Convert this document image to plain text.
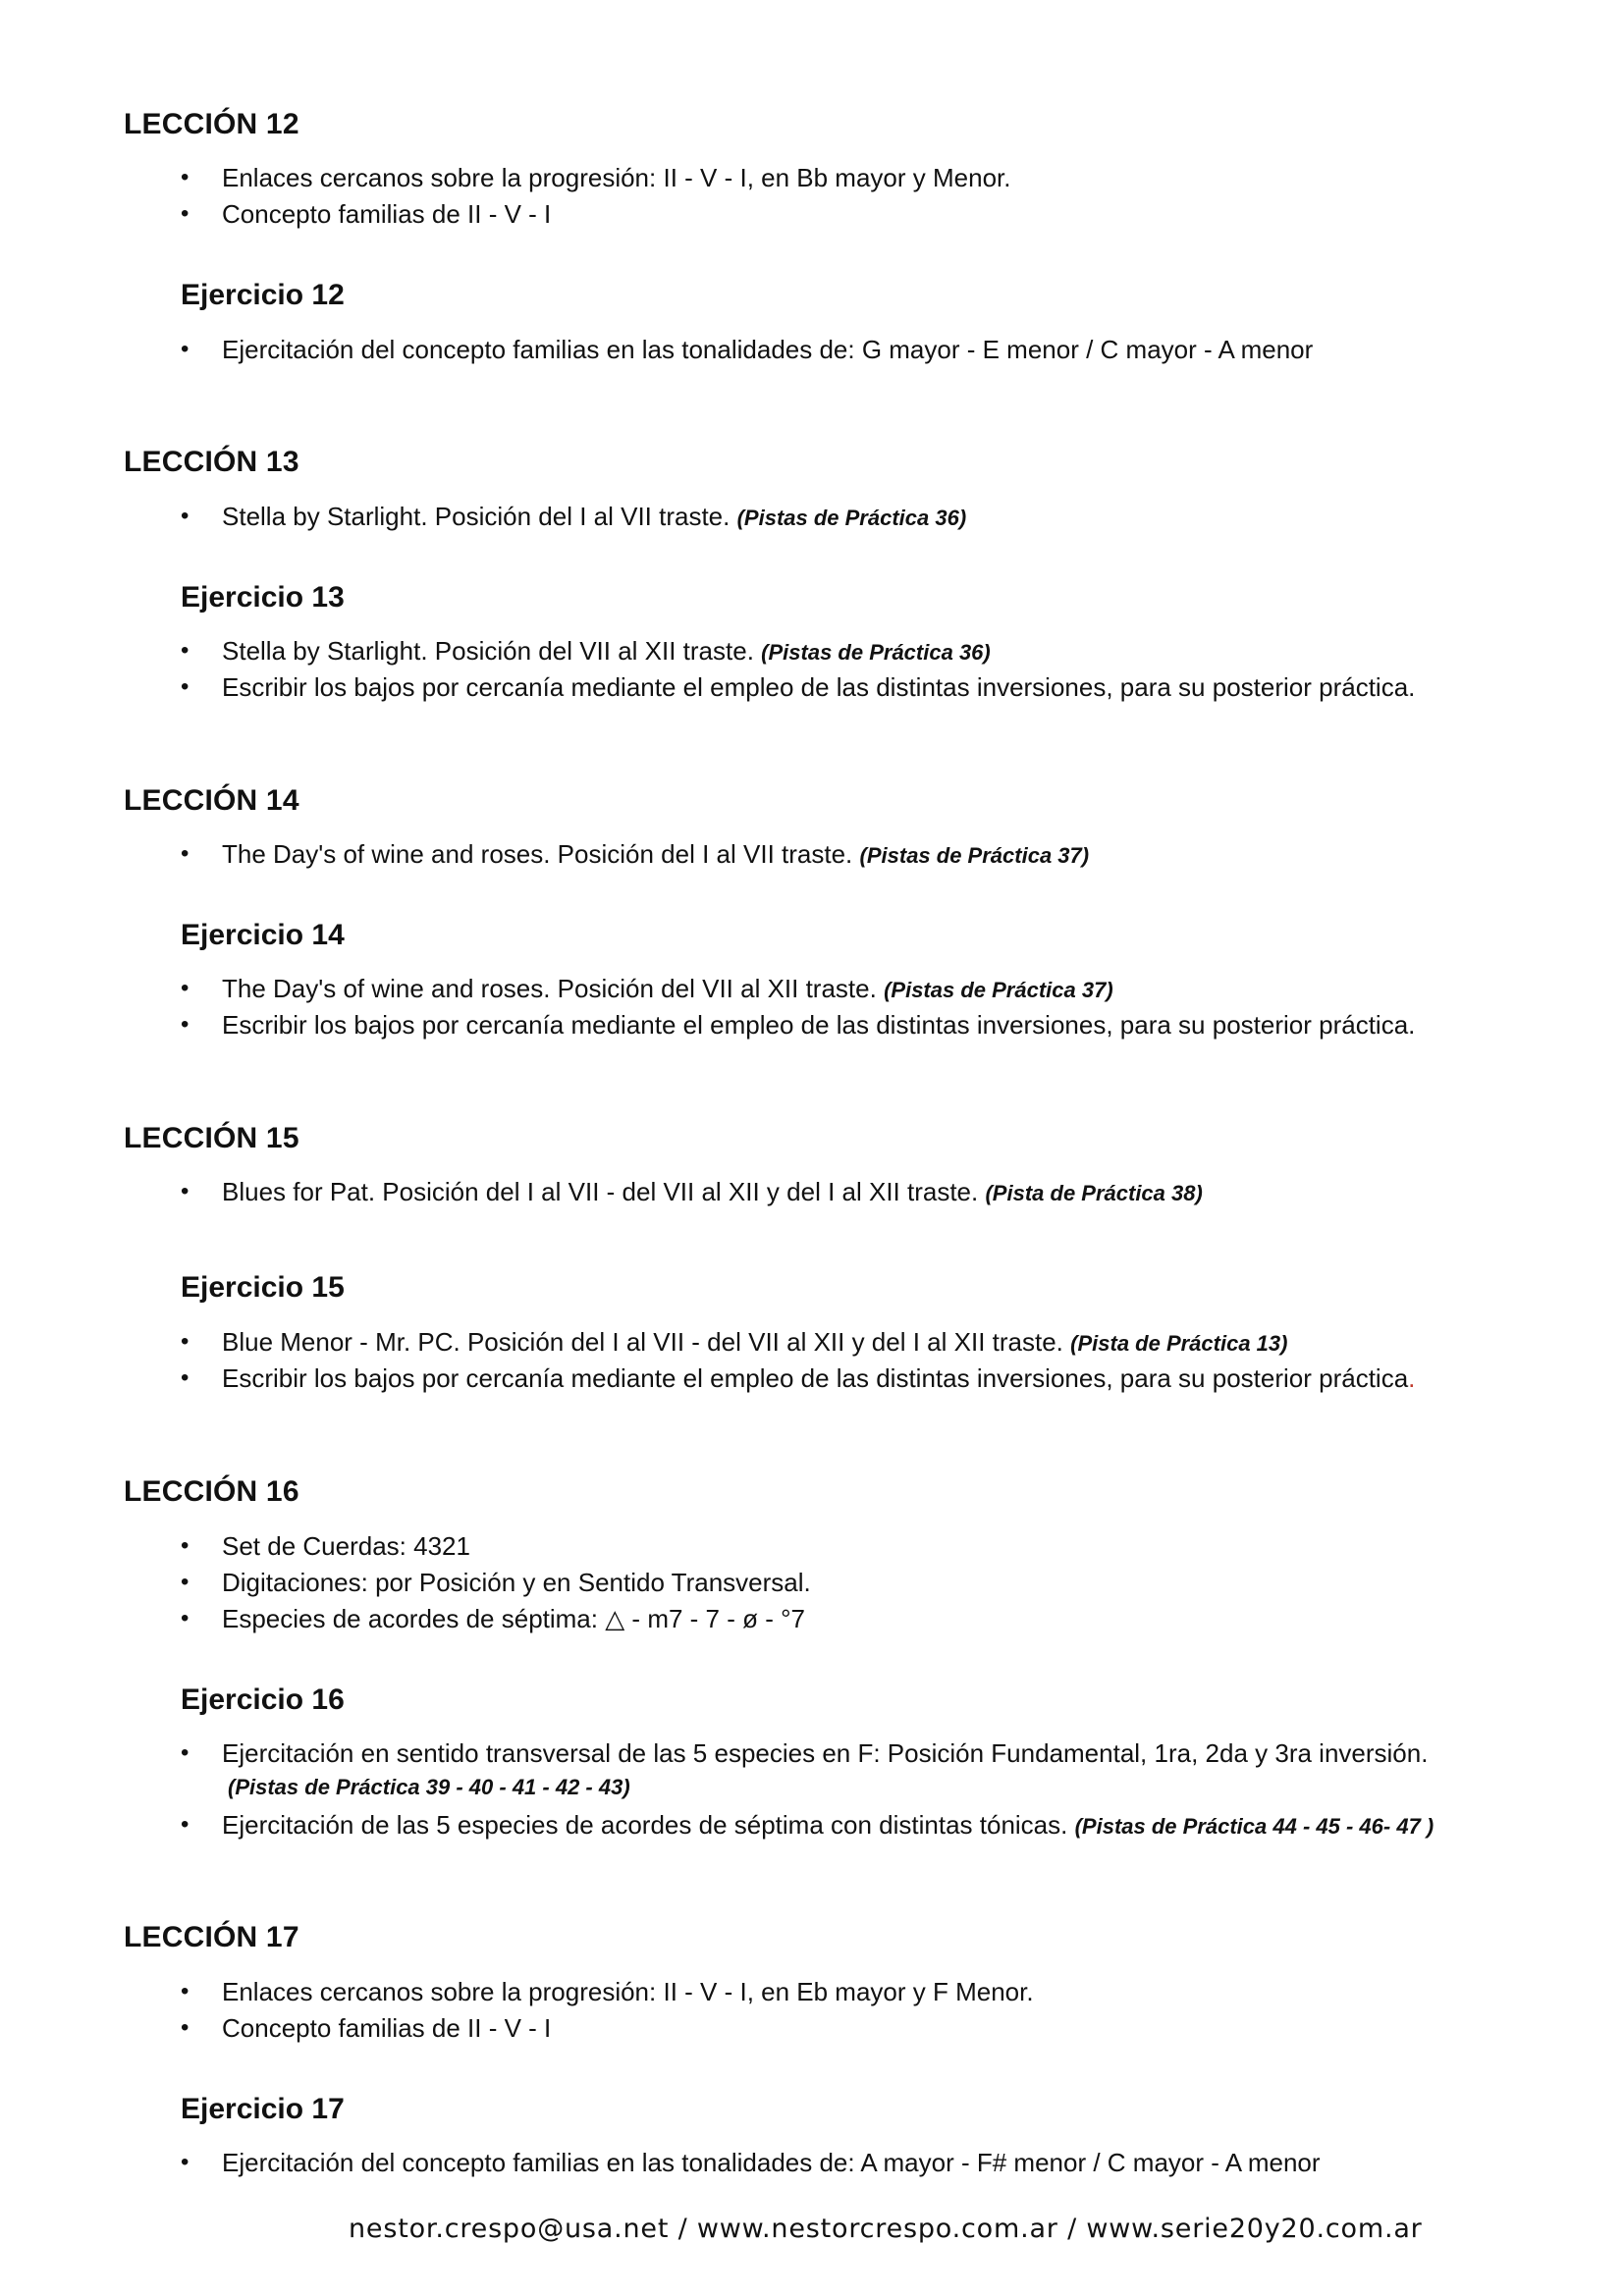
LECCIÓN 12
• Enlaces cercanos sobre la progresión: II - V - I, en Bb mayor y Menor.
• Concepto familias de II - V - I
Ejercicio 12
• Ejercitación del concepto familias en las tonalidades de: G mayor - E menor / C mayor - A menor
LECCIÓN 13
• Stella by Starlight. Posición del I al VII traste. (Pistas de Práctica 36)
Ejercicio 13
• Stella by Starlight. Posición del VII al XII traste. (Pistas de Práctica 36)
• Escribir los bajos por cercanía mediante el empleo de las distintas inversiones, para su posterior práctica.
LECCIÓN 14
• The Day's of wine and roses. Posición del I al VII traste. (Pistas de Práctica 37)
Ejercicio 14
• The Day's of wine and roses. Posición del VII al XII traste. (Pistas de Práctica 37)
• Escribir los bajos por cercanía mediante el empleo de las distintas inversiones, para su posterior práctica.
LECCIÓN 15
• Blues for Pat. Posición del I al VII - del VII al XII y del I al XII traste. (Pista de Práctica 38)
Ejercicio 15
• Blue Menor - Mr. PC. Posición del I al VII - del VII al XII y del I al XII traste. (Pista de Práctica 13)
• Escribir los bajos por cercanía mediante el empleo de las distintas inversiones, para su posterior práctica.
LECCIÓN 16
• Set de Cuerdas: 4321
• Digitaciones: por Posición y en Sentido Transversal.
• Especies de acordes de séptima: △ - m7 - 7 - ø - °7
Ejercicio 16
• Ejercitación en sentido transversal de las 5 especies en F: Posición Fundamental, 1ra, 2da y 3ra inversión.
(Pistas de Práctica 39 - 40 - 41 - 42 - 43)
• Ejercitación de las 5 especies de acordes de séptima con distintas tónicas. (Pistas de Práctica 44 - 45 - 46- 47 )
LECCIÓN 17
• Enlaces cercanos sobre la progresión: II - V - I, en Eb mayor y F Menor.
• Concepto familias de II - V - I
Ejercicio 17
• Ejercitación del concepto familias en las tonalidades de: A mayor - F# menor / C mayor - A menor
nestor.crespo@usa.net / www.nestorcrespo.com.ar / www.serie20y20.com.ar
